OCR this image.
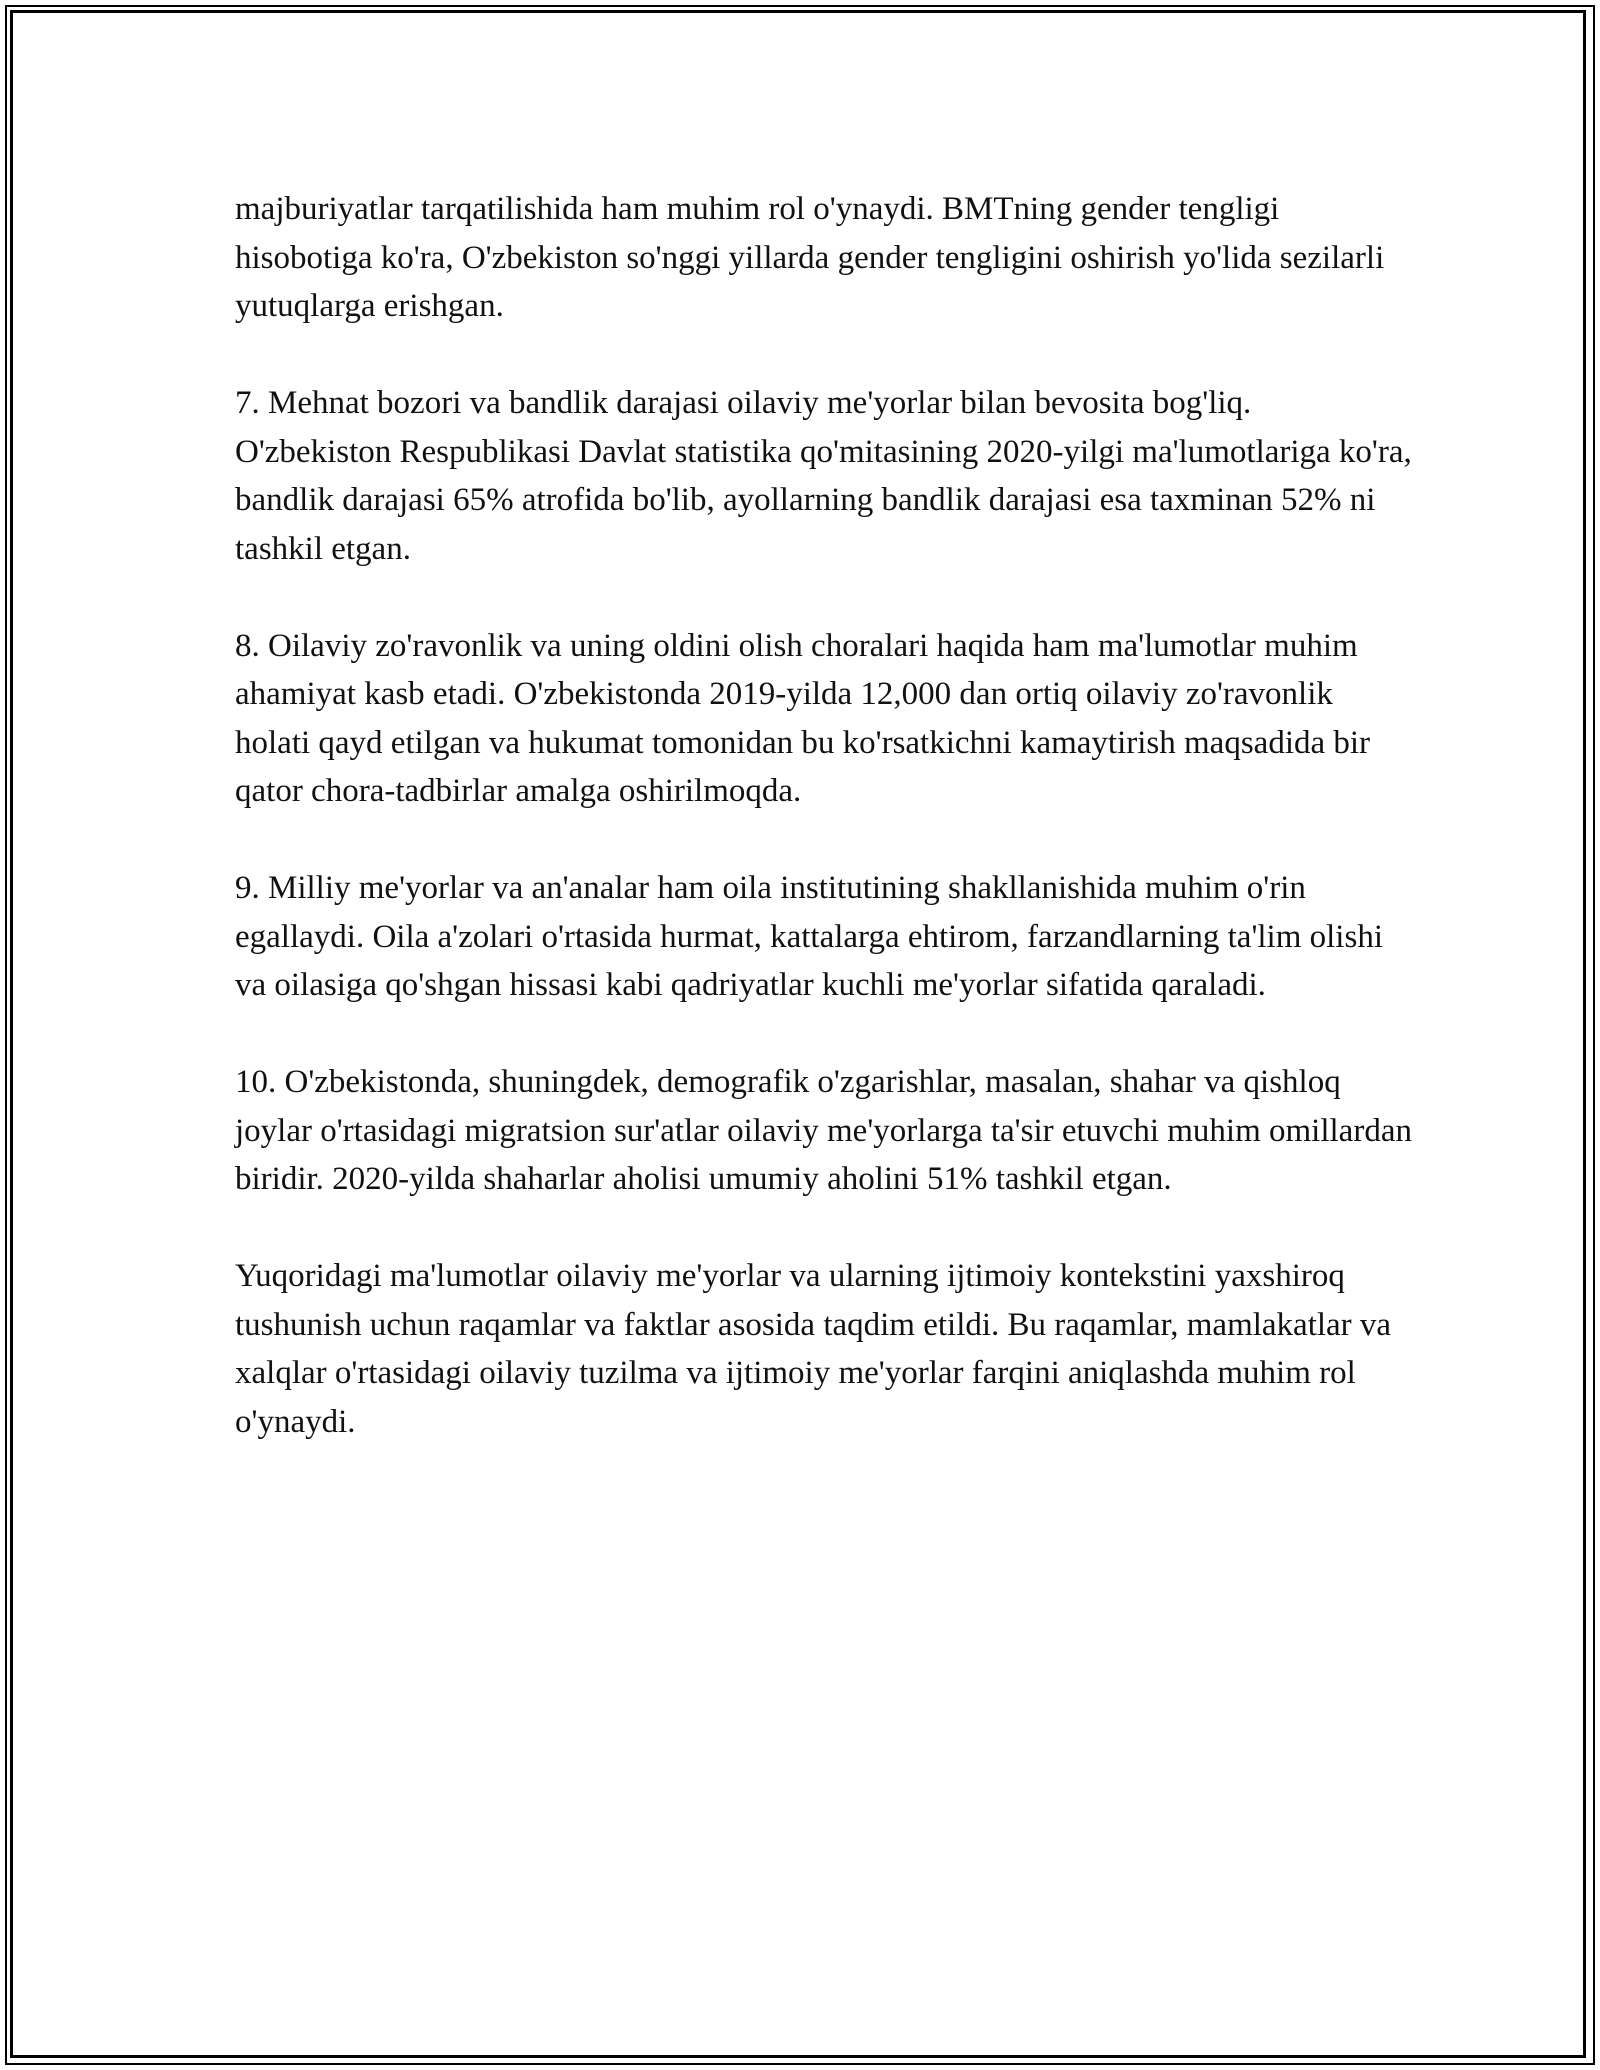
majburiyatlar tarqatilishida ham muhim rol o'ynaydi. BMTning gender tengligi hisobotiga ko'ra, O'zbekiston so'nggi yillarda gender tengligini oshirish yo'lida sezilarli yutuqlarga erishgan.

7. Mehnat bozori va bandlik darajasi oilaviy me'yorlar bilan bevosita bog'liq. O'zbekiston Respublikasi Davlat statistika qo'mitasining 2020-yilgi ma'lumotlariga ko'ra, bandlik darajasi 65% atrofida bo'lib, ayollarning bandlik darajasi esa taxminan 52% ni tashkil etgan.

8. Oilaviy zo'ravonlik va uning oldini olish choralari haqida ham ma'lumotlar muhim ahamiyat kasb etadi. O'zbekistonda 2019-yilda 12,000 dan ortiq oilaviy zo'ravonlik holati qayd etilgan va hukumat tomonidan bu ko'rsatkichni kamaytirish maqsadida bir qator chora-tadbirlar amalga oshirilmoqda.

9. Milliy me'yorlar va an'analar ham oila institutining shakllanishida muhim o'rin egallaydi. Oila a'zolari o'rtasida hurmat, kattalarga ehtirom, farzandlarning ta'lim olishi va oilasiga qo'shgan hissasi kabi qadriyatlar kuchli me'yorlar sifatida qaraladi.

10. O'zbekistonda, shuningdek, demografik o'zgarishlar, masalan, shahar va qishloq joylar o'rtasidagi migratsion sur'atlar oilaviy me'yorlarga ta'sir etuvchi muhim omillardan biridir. 2020-yilda shaharlar aholisi umumiy aholini 51% tashkil etgan.

Yuqoridagi ma'lumotlar oilaviy me'yorlar va ularning ijtimoiy kontekstini yaxshiroq tushunish uchun raqamlar va faktlar asosida taqdim etildi. Bu raqamlar, mamlakatlar va xalqlar o'rtasidagi oilaviy tuzilma va ijtimoiy me'yorlar farqini aniqlashda muhim rol o'ynaydi.
